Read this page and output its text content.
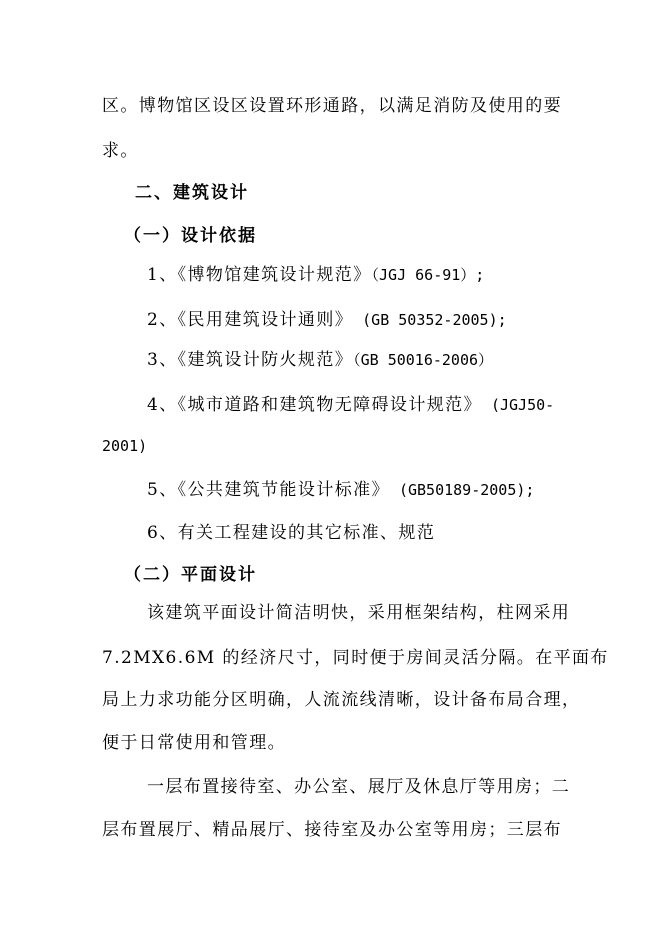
区。博物馆区设区设置环形通路，以满足消防及使用的要
求。
二、建筑设计
（一）设计依据
1、《博物馆建筑设计规范》（JGJ 66-91）;
2、《民用建筑设计通则》 (GB 50352-2005);
3、《建筑设计防火规范》（GB 50016-2006）
4、《城市道路和建筑物无障碍设计规范》 (JGJ50-
2001)
5、《公共建筑节能设计标准》 (GB50189-2005);
6、有关工程建设的其它标准、规范
（二）平面设计
该建筑平面设计简洁明快，采用框架结构，柱网采用
7.2MX6.6M 的经济尺寸，同时便于房间灵活分隔。在平面布
局上力求功能分区明确，人流流线清晰，设计备布局合理，
便于日常使用和管理。
一层布置接待室、办公室、展厅及休息厅等用房；二
层布置展厅、精品展厅、接待室及办公室等用房；三层布
